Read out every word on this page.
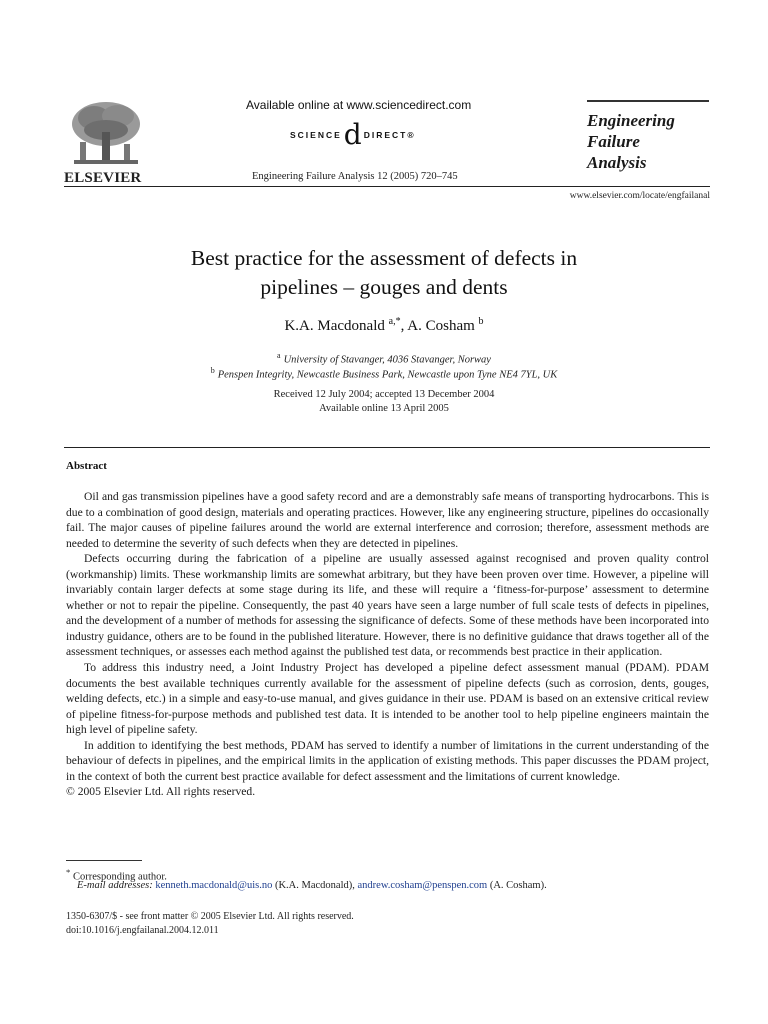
ELSEVIER
Available online at www.sciencedirect.com
SCIENCE d DIRECT®
Engineering Failure Analysis 12 (2005) 720–745
Engineering
Failure
Analysis
www.elsevier.com/locate/engfailanal
Best practice for the assessment of defects in
pipelines – gouges and dents
K.A. Macdonald $^{a,*}$, A. Cosham $^b$
$^a$ University of Stavanger, 4036 Stavanger, Norway
$^b$ Penspen Integrity, Newcastle Business Park, Newcastle upon Tyne NE4 7YL, UK
Received 12 July 2004; accepted 13 December 2004
Available online 13 April 2005
Abstract

Oil and gas transmission pipelines have a good safety record and are a demonstrably safe means of transporting hydrocarbons. This is due to a combination of good design, materials and operating practices. However, like any engineering structure, pipelines do occasionally fail. The major causes of pipeline failures around the world are external interference and corrosion; therefore, assessment methods are needed to determine the severity of such defects when they are detected in pipelines.

Defects occurring during the fabrication of a pipeline are usually assessed against recognised and proven quality control (workmanship) limits. These workmanship limits are somewhat arbitrary, but they have been proven over time. However, a pipeline will invariably contain larger defects at some stage during its life, and these will require a ‘fitness-for-purpose’ assessment to determine whether or not to repair the pipeline. Consequently, the past 40 years have seen a large number of full scale tests of defects in pipelines, and the development of a number of methods for assessing the significance of defects. Some of these methods have been incorporated into industry guidance, others are to be found in the published literature. However, there is no definitive guidance that draws together all of the assessment techniques, or assesses each method against the published test data, or recommends best practice in their application.

To address this industry need, a Joint Industry Project has developed a pipeline defect assessment manual (PDAM). PDAM documents the best available techniques currently available for the assessment of pipeline defects (such as corrosion, dents, gouges, welding defects, etc.) in a simple and easy-to-use manual, and gives guidance in their use. PDAM is based on an extensive critical review of pipeline fitness-for-purpose methods and published test data. It is intended to be another tool to help pipeline engineers maintain the high level of pipeline safety.

In addition to identifying the best methods, PDAM has served to identify a number of limitations in the current understanding of the behaviour of defects in pipelines, and the empirical limits in the application of existing methods. This paper discusses the PDAM project, in the context of both the current best practice available for defect assessment and the limitations of current knowledge.

© 2005 Elsevier Ltd. All rights reserved.

* Corresponding author.
E-mail addresses: kenneth.macdonald@uis.no (K.A. Macdonald), andrew.cosham@penspen.com (A. Cosham).
1350-6307/$ - see front matter © 2005 Elsevier Ltd. All rights reserved.
doi:10.1016/j.engfailanal.2004.12.011
